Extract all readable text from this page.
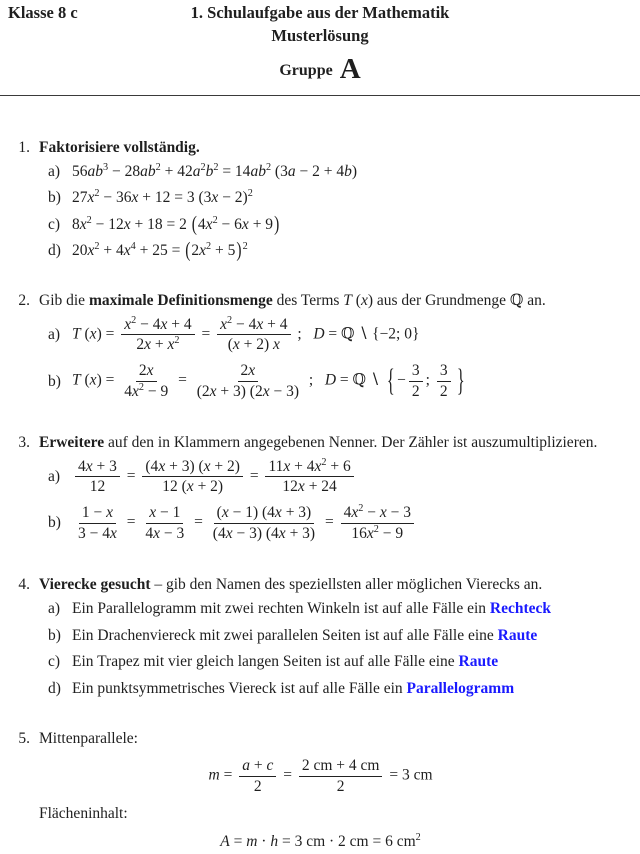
Klasse 8 c	1. Schulaufgabe aus der Mathematik
Musterlösung
Gruppe A
1. Faktorisiere vollständig.
a) $56ab^3 - 28ab^2 + 42a^2b^2 = 14ab^2$ (3a − 2 + 4b)
b) $27x^2 - 36x + 12 = 3$ $(3x - 2)^2$
c) $8x^2 - 12x + 18 = 2$ $(4x^2 - 6x + 9)$
d) $20x^2 + 4x^4 + 25 = (2x^2 + 5)^2$
2. Gib die maximale Definitionsmenge des Terms T (x) aus der Grundmenge ℚ an.
a) T $(x) = \frac{x^2 - 4x + 4}{2x + x^2} = \frac{x^2 - 4x + 4}{(x + 2) x}$ ;   D = ℚ ∖ {−2; 0}
b) T $(x) = \frac{2x}{4x^2 - 9} = \frac{2x}{(2x + 3) (2x - 3)}$ ;   D = ℚ ∖ { − $\frac{3}{2}$ ; $\frac{3}{2}$ }
3. Erweitere auf den in Klammern angegebenen Nenner. Der Zähler ist auszumultiplizieren.
$a) \frac{4x + 3}{12} = \frac{(4x + 3) (x + 2)}{12 (x + 2)} = \frac{11x + 4x^2 + 6}{12x + 24}$
$b) \frac{1 - x}{3 - 4x} = \frac{x - 1}{4x - 3} = \frac{(x - 1) (4x + 3)}{(4x - 3) (4x + 3)} = \frac{4x^2 - x - 3}{16x^2 - 9}$
4. Vierecke gesucht – gib den Namen des speziellsten aller möglichen Vierecks an.
a) Ein Parallelogramm mit zwei rechten Winkeln ist auf alle Fälle ein Rechteck
b) Ein Drachenviereck mit zwei parallelen Seiten ist auf alle Fälle eine Raute
c) Ein Trapez mit vier gleich langen Seiten ist auf alle Fälle eine Raute
d) Ein punktsymmetrisches Viereck ist auf alle Fälle ein Parallelogramm
5. Mittenparallele:
$m = \frac{a + c}{2} = \frac{2 cm + 4 cm}{2} = 3$ cm
Flächeninhalt:
A = m · h = 3 cm · 2 cm = 6 $cm^2$
